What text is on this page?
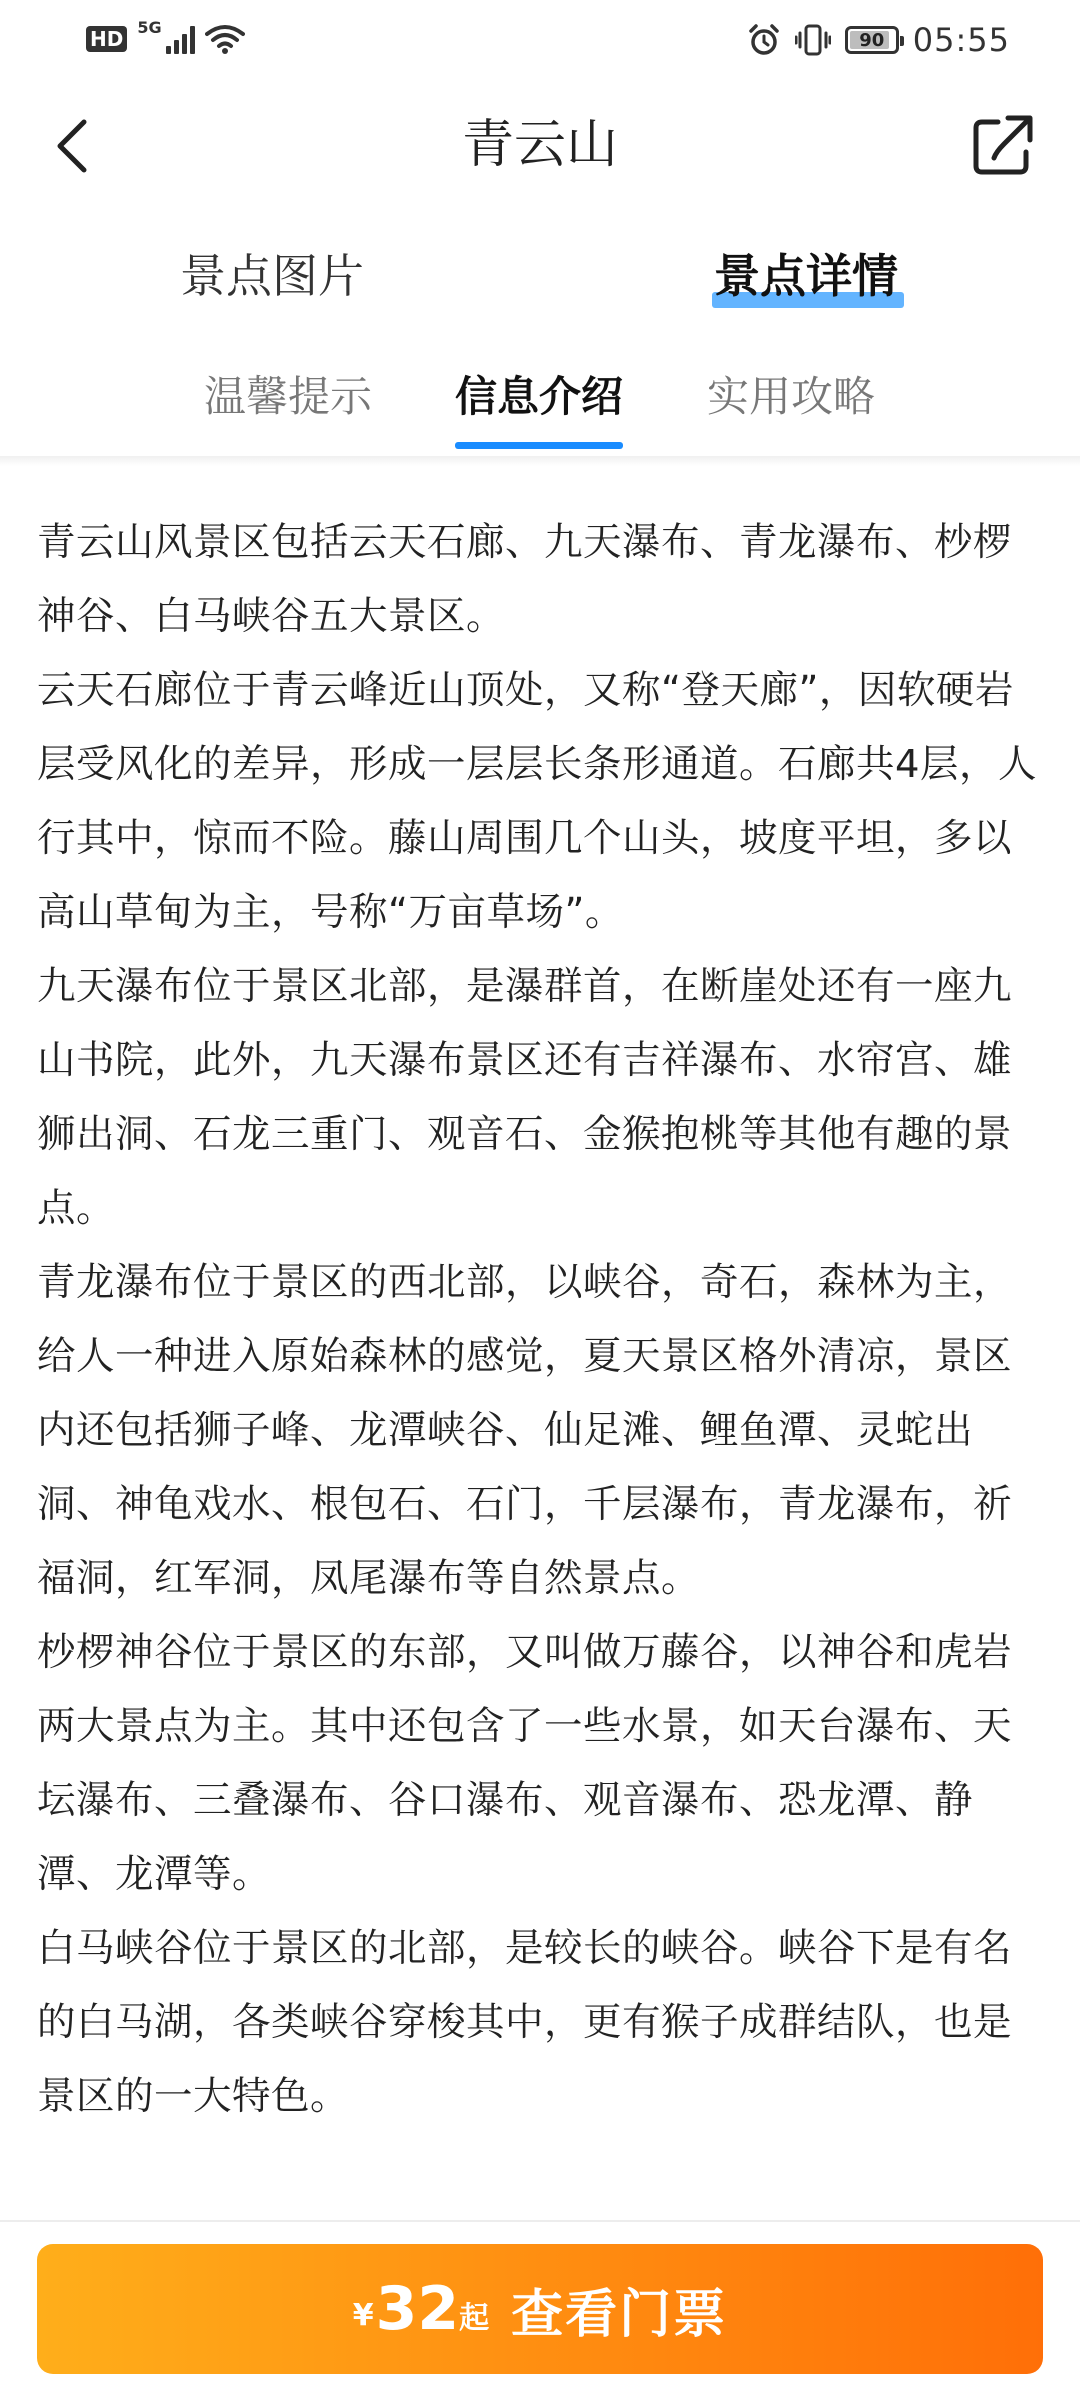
HD 5G
90 05:55
青云山
景点图片	景点详情
温馨提示 信息介绍 实用攻略

青云山风景区包括云天石廊、九天瀑布、青龙瀑布、杪椤神谷、白马峡谷五大景区。

云天石廊位于青云峰近山顶处，又称“登天廊”，因软硬岩层受风化的差异，形成一层层长条形通道。石廊共4层，人行其中，惊而不险。藤山周围几个山头，坡度平坦，多以高山草甸为主，号称“万亩草场”。

九天瀑布位于景区北部，是瀑群首，在断崖处还有一座九山书院，此外，九天瀑布景区还有吉祥瀑布、水帘宫、雄狮出洞、石龙三重门、观音石、金猴抱桃等其他有趣的景点。

青龙瀑布位于景区的西北部，以峡谷，奇石，森林为主，给人一种进入原始森林的感觉，夏天景区格外清凉，景区内还包括狮子峰、龙潭峡谷、仙足滩、鲤鱼潭、灵蛇出洞、神龟戏水、根包石、石门，千层瀑布，青龙瀑布，祈福洞，红军洞，凤尾瀑布等自然景点。

杪椤神谷位于景区的东部，又叫做万藤谷，以神谷和虎岩两大景点为主。其中还包含了一些水景，如天台瀑布、天坛瀑布、三叠瀑布、谷口瀑布、观音瀑布、恐龙潭、静潭、龙潭等。

白马峡谷位于景区的北部，是较长的峡谷。峡谷下是有名的白马湖，各类峡谷穿梭其中，更有猴子成群结队，也是景区的一大特色。

¥ 32 起 查看门票
